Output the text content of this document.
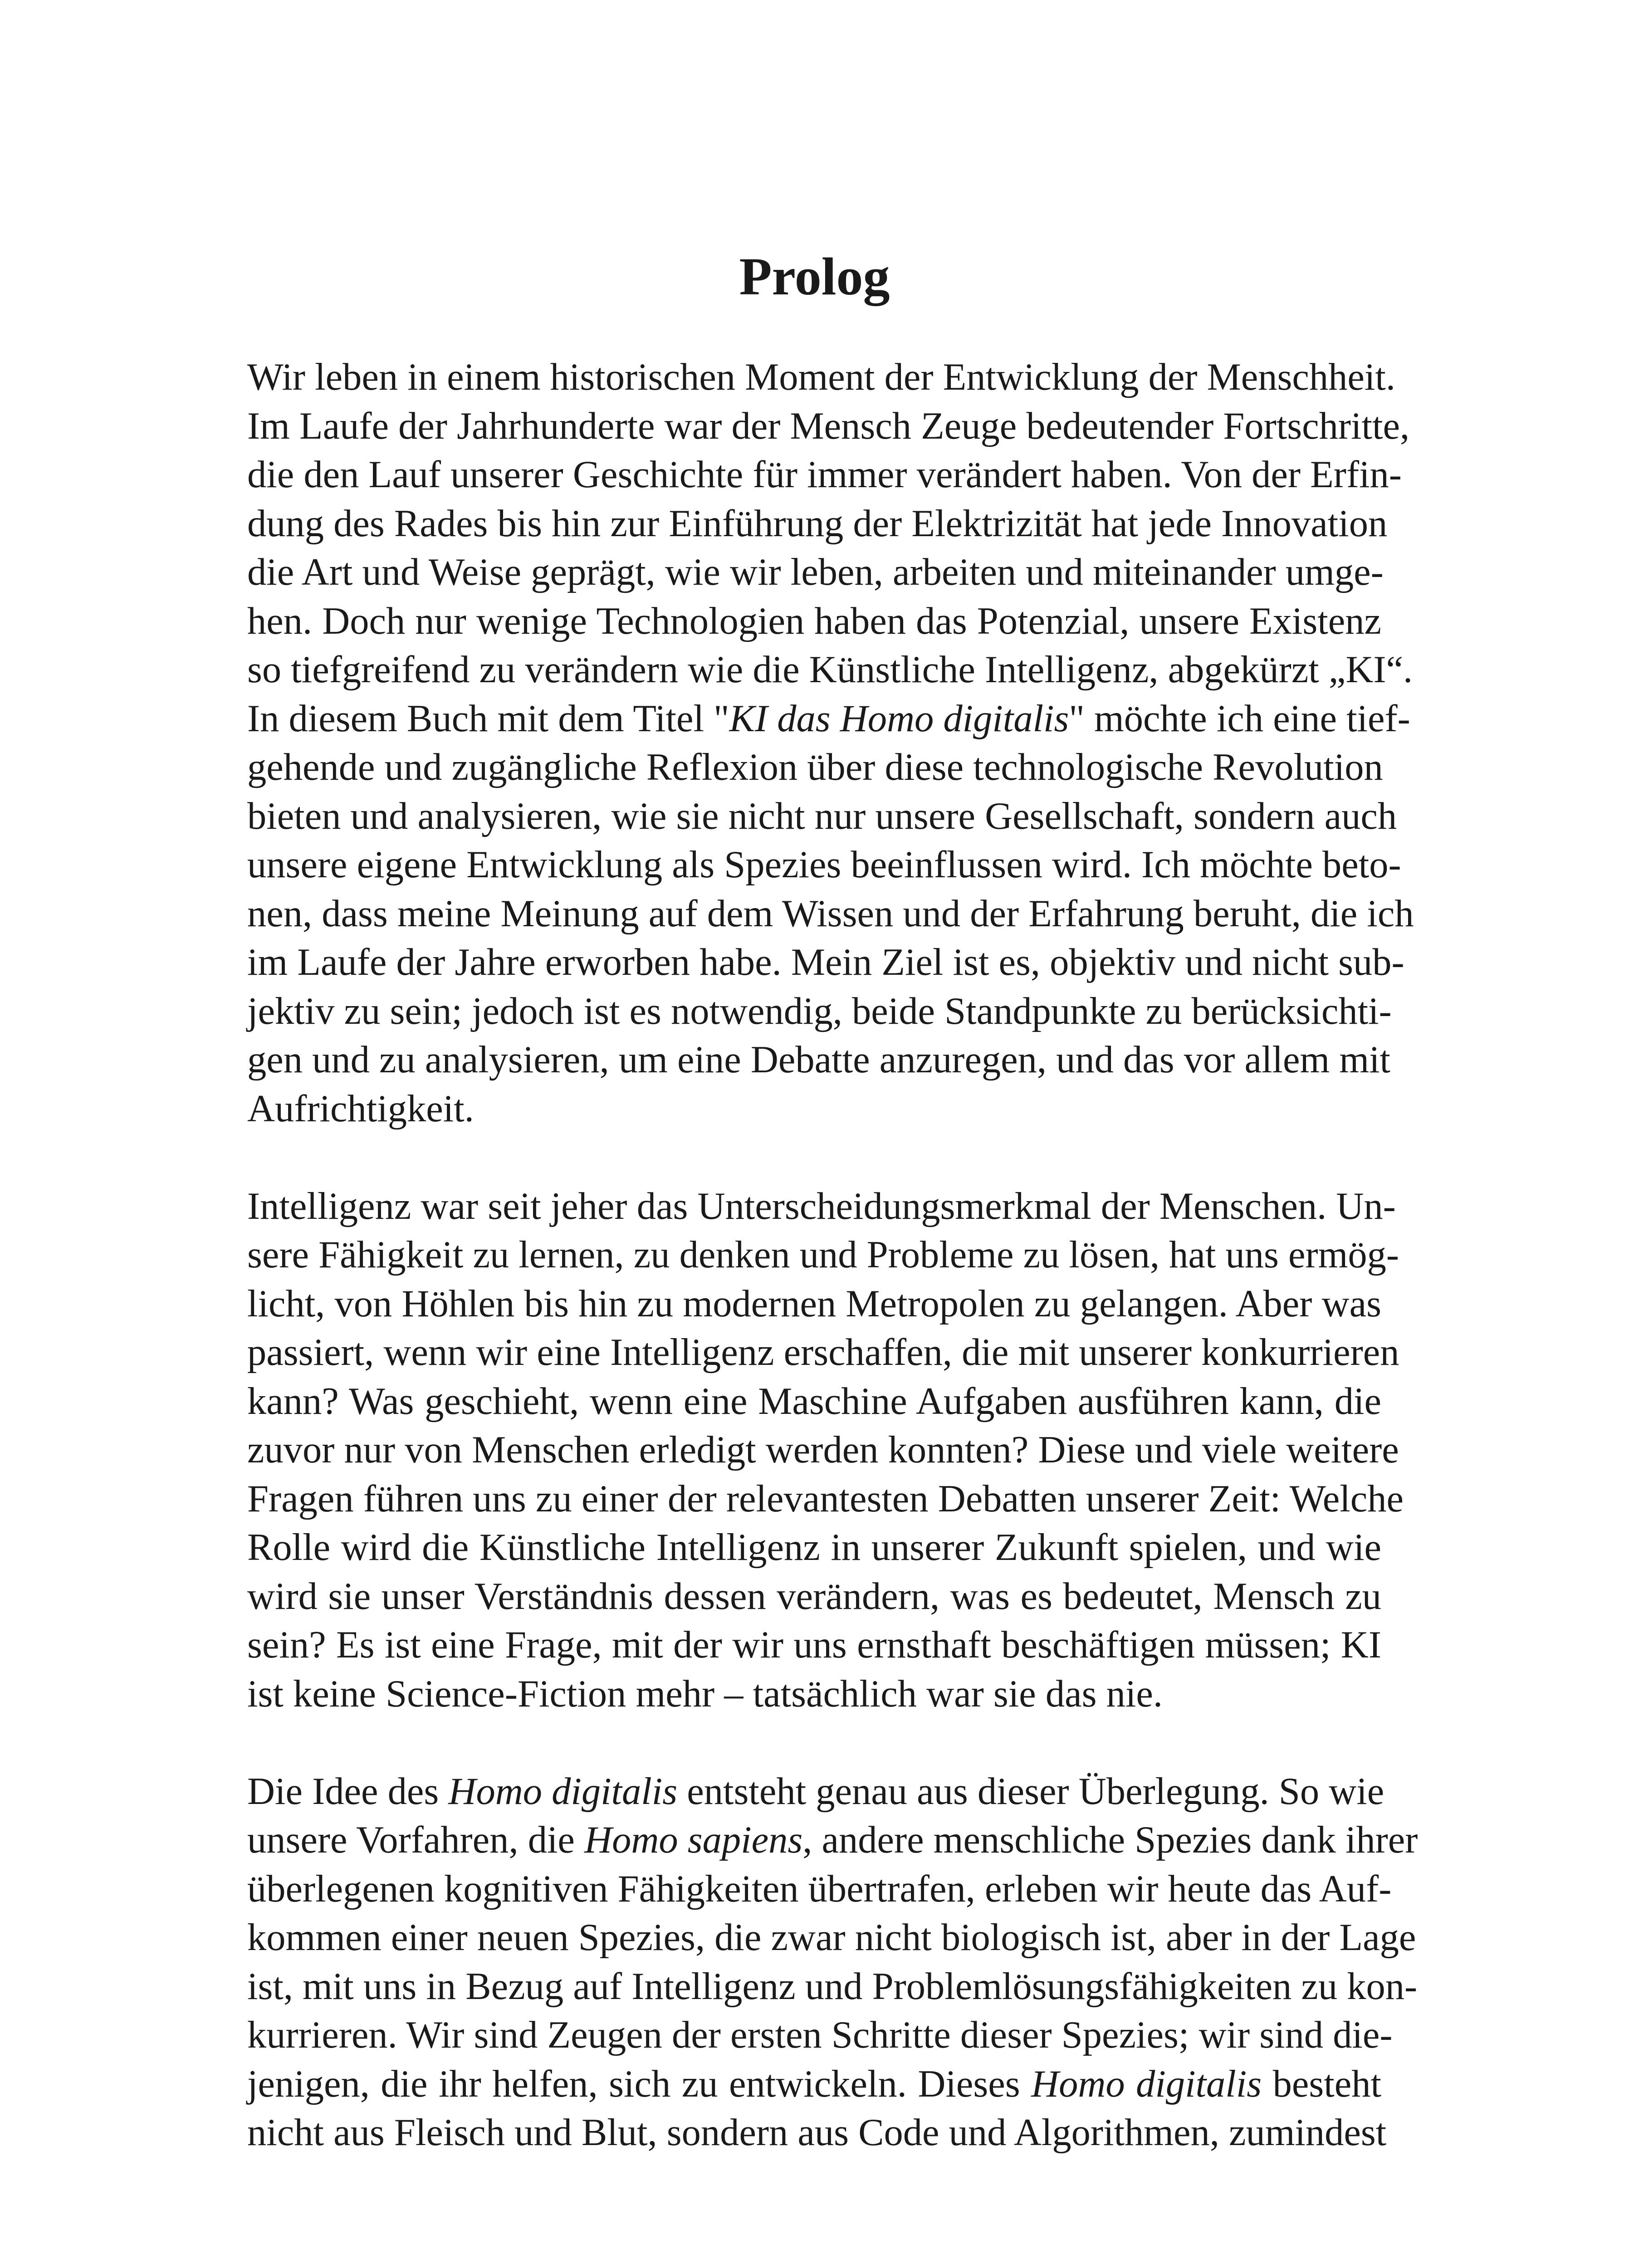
Prolog

Wir leben in einem historischen Moment der Entwicklung der Menschheit.
Im Laufe der Jahrhunderte war der Mensch Zeuge bedeutender Fortschritte,
die den Lauf unserer Geschichte für immer verändert haben. Von der Erfin-
dung des Rades bis hin zur Einführung der Elektrizität hat jede Innovation
die Art und Weise geprägt, wie wir leben, arbeiten und miteinander umge-
hen. Doch nur wenige Technologien haben das Potenzial, unsere Existenz
so tiefgreifend zu verändern wie die Künstliche Intelligenz, abgekürzt „KI“.
In diesem Buch mit dem Titel "KI das Homo digitalis" möchte ich eine tief-
gehende und zugängliche Reflexion über diese technologische Revolution
bieten und analysieren, wie sie nicht nur unsere Gesellschaft, sondern auch
unsere eigene Entwicklung als Spezies beeinflussen wird. Ich möchte beto-
nen, dass meine Meinung auf dem Wissen und der Erfahrung beruht, die ich
im Laufe der Jahre erworben habe. Mein Ziel ist es, objektiv und nicht sub-
jektiv zu sein; jedoch ist es notwendig, beide Standpunkte zu berücksichti-
gen und zu analysieren, um eine Debatte anzuregen, und das vor allem mit
Aufrichtigkeit.

Intelligenz war seit jeher das Unterscheidungsmerkmal der Menschen. Un-
sere Fähigkeit zu lernen, zu denken und Probleme zu lösen, hat uns ermög-
licht, von Höhlen bis hin zu modernen Metropolen zu gelangen. Aber was
passiert, wenn wir eine Intelligenz erschaffen, die mit unserer konkurrieren
kann? Was geschieht, wenn eine Maschine Aufgaben ausführen kann, die
zuvor nur von Menschen erledigt werden konnten? Diese und viele weitere
Fragen führen uns zu einer der relevantesten Debatten unserer Zeit: Welche
Rolle wird die Künstliche Intelligenz in unserer Zukunft spielen, und wie
wird sie unser Verständnis dessen verändern, was es bedeutet, Mensch zu
sein? Es ist eine Frage, mit der wir uns ernsthaft beschäftigen müssen; KI
ist keine Science-Fiction mehr – tatsächlich war sie das nie.

Die Idee des Homo digitalis entsteht genau aus dieser Überlegung. So wie
unsere Vorfahren, die Homo sapiens, andere menschliche Spezies dank ihrer
überlegenen kognitiven Fähigkeiten übertrafen, erleben wir heute das Auf-
kommen einer neuen Spezies, die zwar nicht biologisch ist, aber in der Lage
ist, mit uns in Bezug auf Intelligenz und Problemlösungsfähigkeiten zu kon-
kurrieren. Wir sind Zeugen der ersten Schritte dieser Spezies; wir sind die-
jenigen, die ihr helfen, sich zu entwickeln. Dieses Homo digitalis besteht
nicht aus Fleisch und Blut, sondern aus Code und Algorithmen, zumindest
